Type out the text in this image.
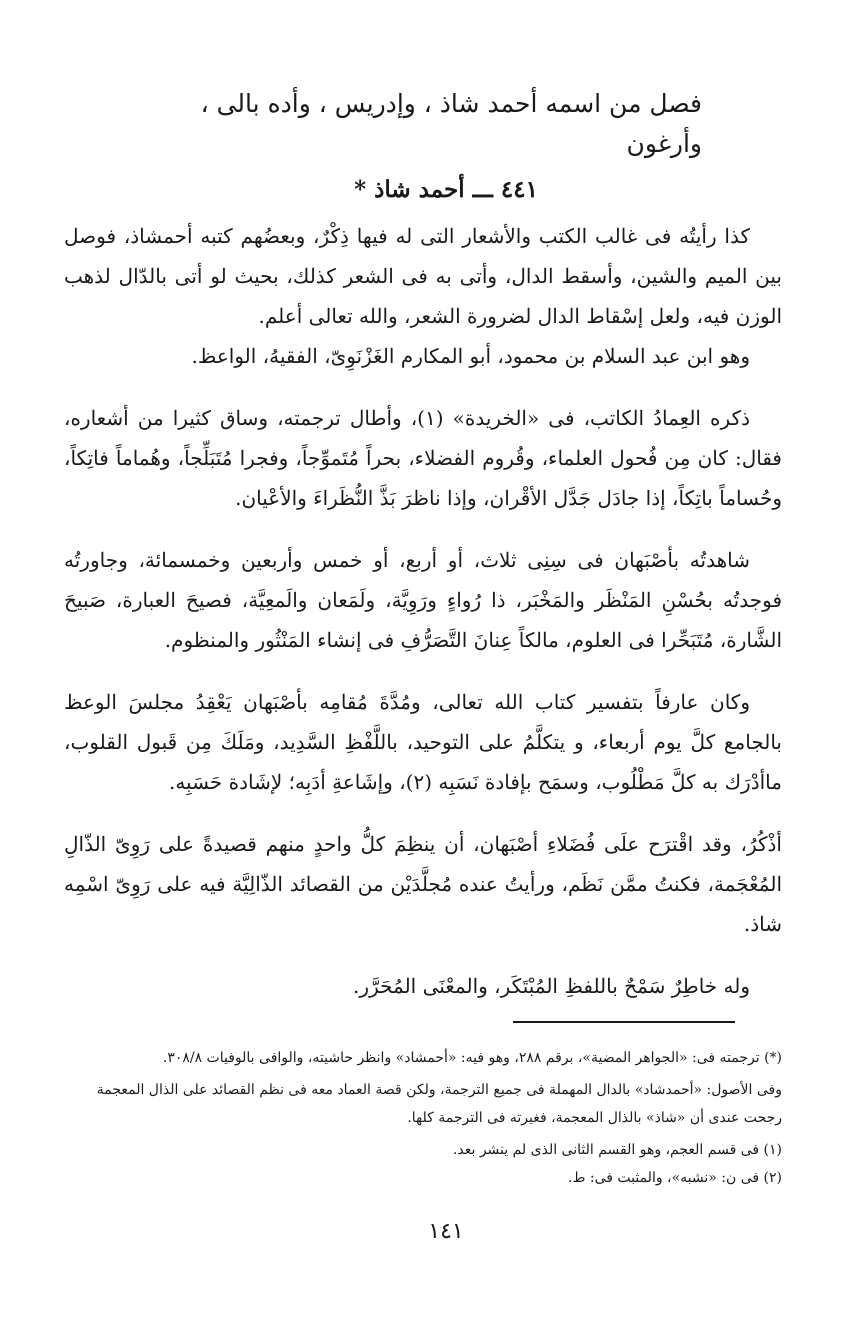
فصل من اسمه أحمد شاذ ، وإدريس ، وأده بالى ، وأرغون
٤٤١ ـــ أحمد شاذ *

كذا رأيتُه فى غالب الكتب والأشعار التى له فيها ذِكْرٌ، وبعضُهم كتبه أحمشاذ، فوصل بين الميم والشين، وأسقط الدال، وأتى به فى الشعر كذلك، بحيث لو أتى بالدّال لذهب الوزن فيه، ولعل إسْقاط الدال لضرورة الشعر، والله تعالى أعلم.

وهو ابن عبد السلام بن محمود، أبو المكارم الغَزْنَوِىّ، الفقيهُ، الواعظ.

ذكره العِمادُ الكاتب، فى «الخريدة» (١)، وأطال ترجمته، وساق كثيرا من أشعاره، فقال: كان مِن فُحول العلماء، وقُروم الفضلاء، بحراً مُتَموِّجاً، وفجرا مُتَبَلِّجاً، وهُماماً فاتِكاً، وحُساماً باتِكاً، إذا جادَل جَدَّل الأقْران، وإذا ناظرَ بَذَّ النُّظَراءَ والأعْيان.

شاهدتُه بأصْبَهان فى سِنِى ثلاث، أو أربع، أو خمس وأربعين وخمسمائة، وجاورتُه فوجدتُه بحُسْنِ المَنْظَر والمَخْبَر، ذا رُواءٍ ورَوِيَّة، ولَمَعان والَمعِيَّة، فصيحَ العبارة، صَبيحَ الشَّارة، مُتَبَحِّرا فى العلوم، مالكاً عِنانَ التَّصَرُّفِ فى إنشاء المَنْثُور والمنظوم.

وكان عارفاً بتفسير كتاب الله تعالى، ومُدَّةَ مُقامِه بأصْبَهان يَعْقِدُ مجلسَ الوعظ بالجامع كلَّ يوم أربعاء، و يتكلَّمُ على التوحيد، باللَّفْظِ السَّدِيد، ومَلَكَ مِن قَبول القلوب، ماأدْرَك به كلَّ مَطْلُوب، وسمَح بإفادة نَسَبِه (٢)، وإشَاعةِ أدَبِه؛ لإشَادة حَسَبِه.

أذْكُرُ، وقد اقْترَح علَى فُضَلاءِ أصْبَهان، أن ينظِمَ كلُّ واحدٍ منهم قصيدةً على رَوِىّ الذّالِ المُعْجَمة، فكنتُ ممَّن نَظَم، ورأيتُ عنده مُجلَّدَيْن من القصائد الذّالِيَّة فيه على رَوِىّ اسْمِه شاذ.

وله خاطِرٌ سَمْحٌ باللفظِ المُبْتَكَر، والمعْنَى المُحَرَّر.

(*) ترجمته فى: «الجواهر المضية»، برقم ٢٨٨، وهو فيه: «أحمشاد» وانظر حاشيته، والوافى بالوفيات ٣٠٨/٨.

وفى الأصول: «أحمدشاد» بالدال المهملة فى جميع الترجمة، ولكن قصة العماد معه فى نظم القصائد على الذال المعجمة رجحت عندى أن «شاذ» بالذال المعجمة، فغيرته فى الترجمة كلها.

(١) فى قسم العجم، وهو القسم الثانى الذى لم ينشر بعد.

(٢) فى ن: «نشبه»، والمثبت فى: ط.

١٤١
